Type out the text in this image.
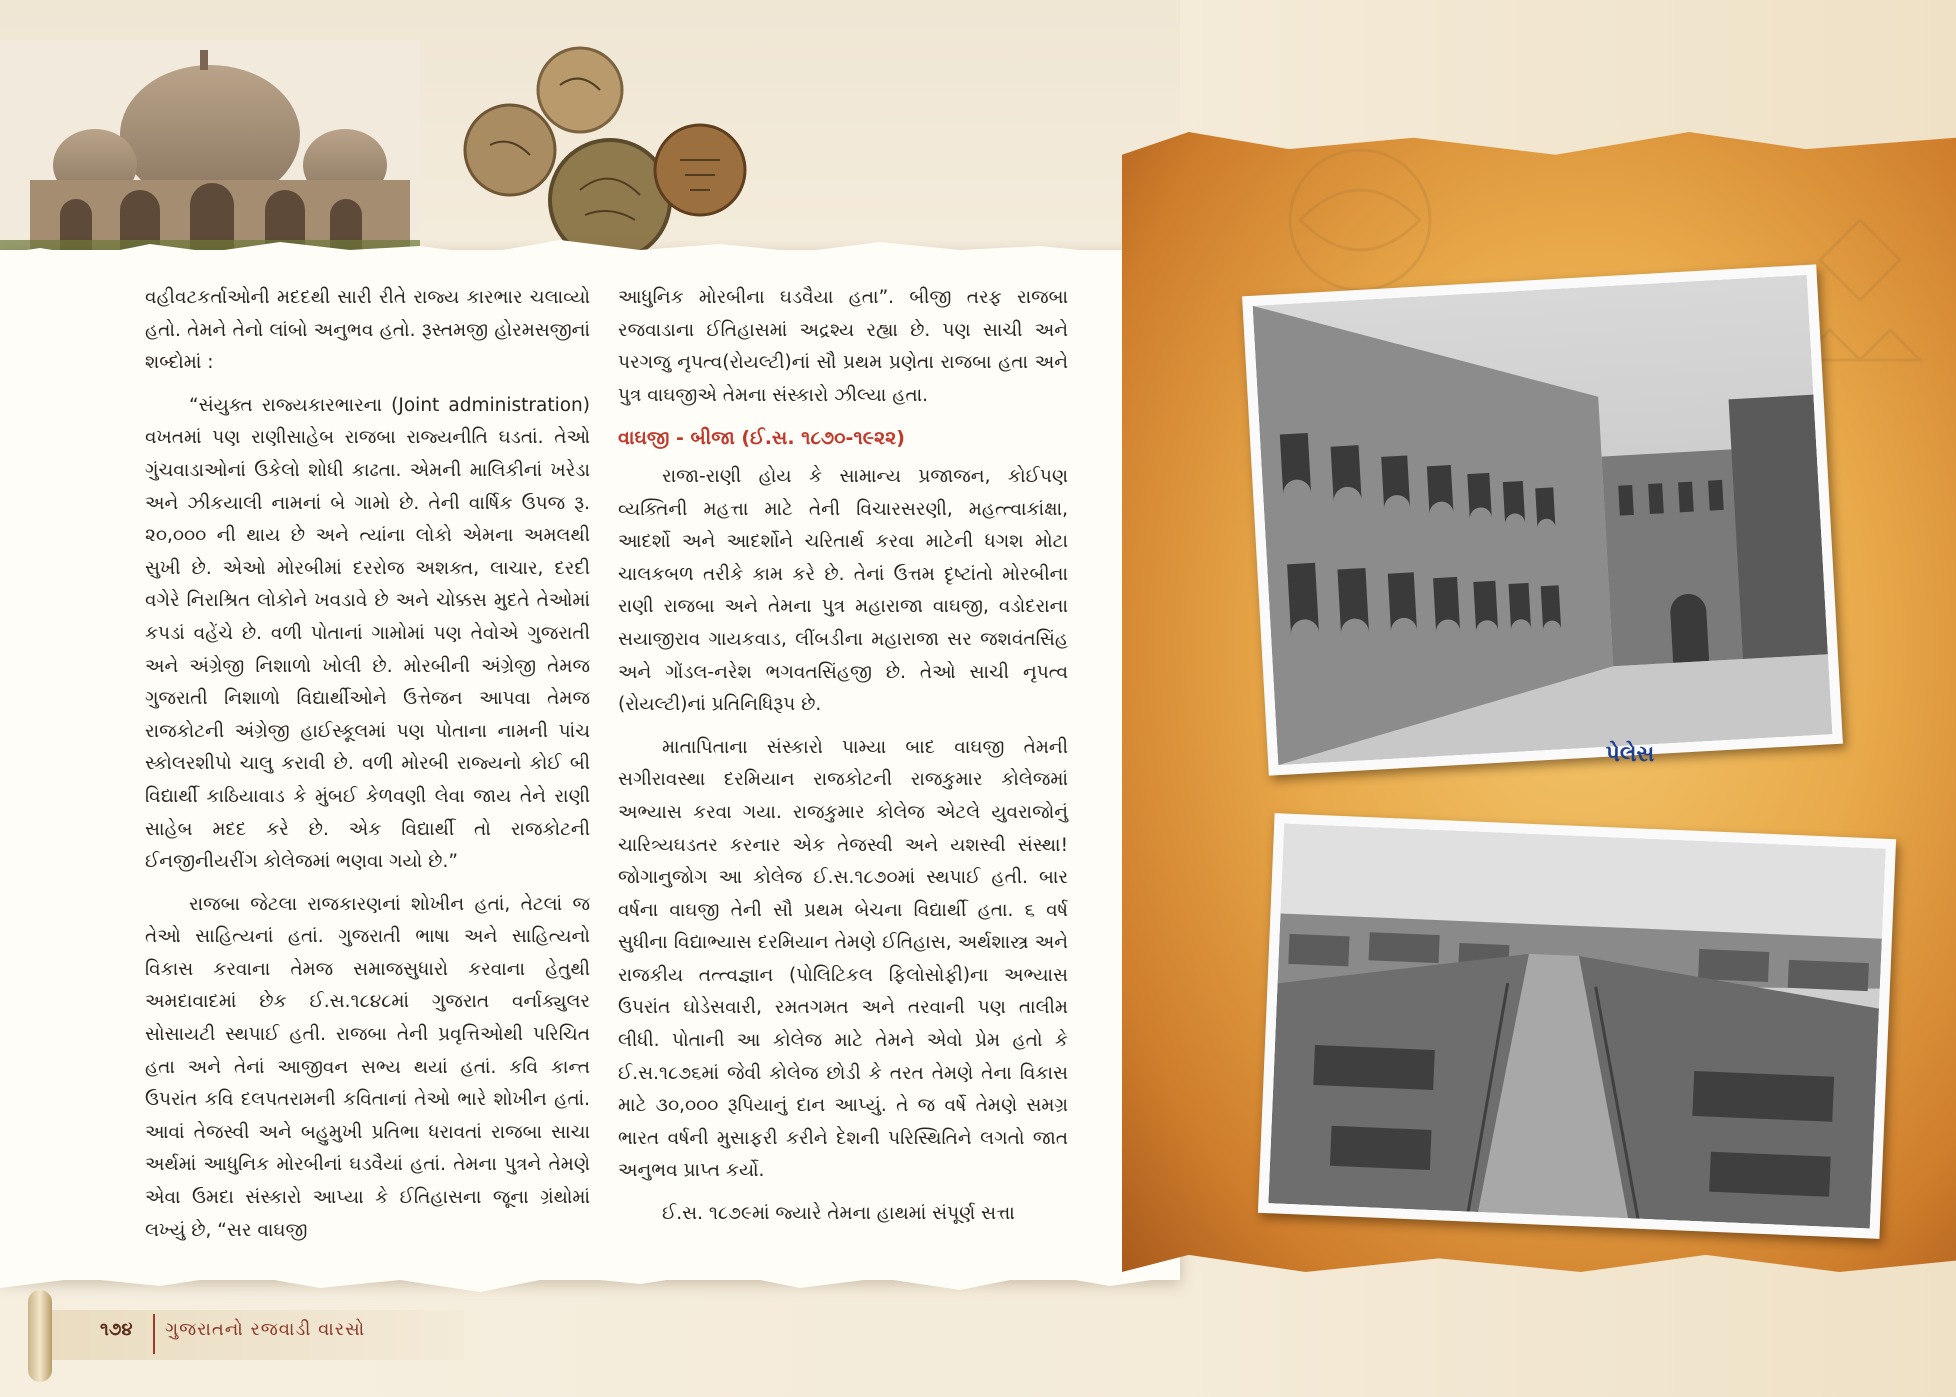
વહીવટકર્તાઓની મદદથી સારી રીતે રાજ્ય કારભાર ચલાવ્યો હતો. તેમને તેનો લાંબો અનુભવ હતો. રૂસ્તમજી હોરમસજીનાં શબ્દોમાં :

“સંયુક્ત રાજ્યકારભારના (Joint administration) વખતમાં પણ રાણીસાહેબ રાજબા રાજ્યનીતિ ઘડતાં. તેઓ ગુંચવાડાઓનાં ઉકેલો શોધી કાઢતા. એમની માલિકીનાં ખરેડા અને ઝીકયાલી નામનાં બે ગામો છે. તેની વાર્ષિક ઉપજ રૂ. ૨૦,૦૦૦ ની થાય છે અને ત્યાંના લોકો એમના અમલથી સુખી છે. એઓ મોરબીમાં દરરોજ અશક્ત, લાચાર, દરદી વગેરે નિરાશ્રિત લોકોને ખવડાવે છે અને ચોક્કસ મુદતે તેઓમાં કપડાં વહેંચે છે. વળી પોતાનાં ગામોમાં પણ તેવોએ ગુજરાતી અને અંગ્રેજી નિશાળો ખોલી છે. મોરબીની અંગ્રેજી તેમજ ગુજરાતી નિશાળો વિદ્યાર્થીઓને ઉત્તેજન આપવા તેમજ રાજકોટની અંગ્રેજી હાઈસ્કૂલમાં પણ પોતાના નામની પાંચ સ્કોલરશીપો ચાલુ કરાવી છે. વળી મોરબી રાજ્યનો કોઈ બી વિદ્યાર્થી કાઠિયાવાડ કે મુંબઈ કેળવણી લેવા જાય તેને રાણી સાહેબ મદદ કરે છે. એક વિદ્યાર્થી તો રાજકોટની ઈનજીનીયરીંગ કોલેજમાં ભણવા ગયો છે.”

રાજબા જેટલા રાજકારણનાં શોખીન હતાં, તેટલાં જ તેઓ સાહિત્યનાં હતાં. ગુજરાતી ભાષા અને સાહિત્યનો વિકાસ કરવાના તેમજ સમાજસુધારો કરવાના હેતુથી અમદાવાદમાં છેક ઈ.સ.૧૮૪૮માં ગુજરાત વર્નાક્યુલર સોસાયટી સ્થપાઈ હતી. રાજબા તેની પ્રવૃત્તિઓથી પરિચિત હતા અને તેનાં આજીવન સભ્ય થયાં હતાં. કવિ કાન્ત ઉપરાંત કવિ દલપતરામની કવિતાનાં તેઓ ભારે શોખીન હતાં. આવાં તેજસ્વી અને બહુમુખી પ્રતિભા ધરાવતાં રાજબા સાચા અર્થમાં આધુનિક મોરબીનાં ઘડવૈયાં હતાં. તેમના પુત્રને તેમણે એવા ઉમદા સંસ્કારો આપ્યા કે ઈતિહાસના જૂના ગ્રંથોમાં લખ્યું છે, “સર વાઘજી

આધુનિક મોરબીના ઘડવૈયા હતા”. બીજી તરફ રાજબા રજવાડાના ઈતિહાસમાં અદ્રશ્ય રહ્યા છે. પણ સાચી અને પરગજુ નૃપત્વ(રોયલ્ટી)નાં સૌ પ્રથમ પ્રણેતા રાજબા હતા અને પુત્ર વાઘજીએ તેમના સંસ્કારો ઝીલ્યા હતા.

વાઘજી - બીજા (ઈ.સ. ૧૮૭૦-૧૯૨૨)

રાજા-રાણી હોય કે સામાન્ય પ્રજાજન, કોઈપણ વ્યક્તિની મહત્તા માટે તેની વિચારસરણી, મહત્ત્વાકાંક્ષા, આદર્શો અને આદર્શોને ચરિતાર્થ કરવા માટેની ધગશ મોટા ચાલકબળ તરીકે કામ કરે છે. તેનાં ઉત્તમ દૃષ્ટાંતો મોરબીના રાણી રાજબા અને તેમના પુત્ર મહારાજા વાઘજી, વડોદરાના સયાજીરાવ ગાયકવાડ, લીંબડીના મહારાજા સર જશવંતસિંહ અને ગોંડલ-નરેશ ભગવતસિંહજી છે. તેઓ સાચી નૃપત્વ (રોયલ્ટી)નાં પ્રતિનિધિરૂપ છે.

માતાપિતાના સંસ્કારો પામ્યા બાદ વાઘજી તેમની સગીરાવસ્થા દરમિયાન રાજકોટની રાજકુમાર કોલેજમાં અભ્યાસ કરવા ગયા. રાજકુમાર કોલેજ એટલે યુવરાજોનું ચારિત્ર્યઘડતર કરનાર એક તેજસ્વી અને યશસ્વી સંસ્થા! જોગાનુજોગ આ કોલેજ ઈ.સ.૧૮૭૦માં સ્થપાઈ હતી. બાર વર્ષના વાઘજી તેની સૌ પ્રથમ બેચના વિદ્યાર્થી હતા. ૬ વર્ષ સુધીના વિદ્યાભ્યાસ દરમિયાન તેમણે ઈતિહાસ, અર્થશાસ્ત્ર અને રાજકીય તત્ત્વજ્ઞાન (પોલિટિકલ ફિલોસોફી)ના અભ્યાસ ઉપરાંત ઘોડેસવારી, રમતગમત અને તરવાની પણ તાલીમ લીધી. પોતાની આ કોલેજ માટે તેમને એવો પ્રેમ હતો કે ઈ.સ.૧૮૭૬માં જેવી કોલેજ છોડી કે તરત તેમણે તેના વિકાસ માટે ૩૦,૦૦૦ રૂપિયાનું દાન આપ્યું. તે જ વર્ષે તેમણે સમગ્ર ભારત વર્ષની મુસાફરી કરીને દેશની પરિસ્થિતિને લગતો જાત અનુભવ પ્રાપ્ત કર્યો.

ઈ.સ. ૧૮૭૯માં જ્યારે તેમના હાથમાં સંપૂર્ણ સત્તા

પેલેસ
૧૭૪ ગુજરાતનો રજવાડી વારસો
